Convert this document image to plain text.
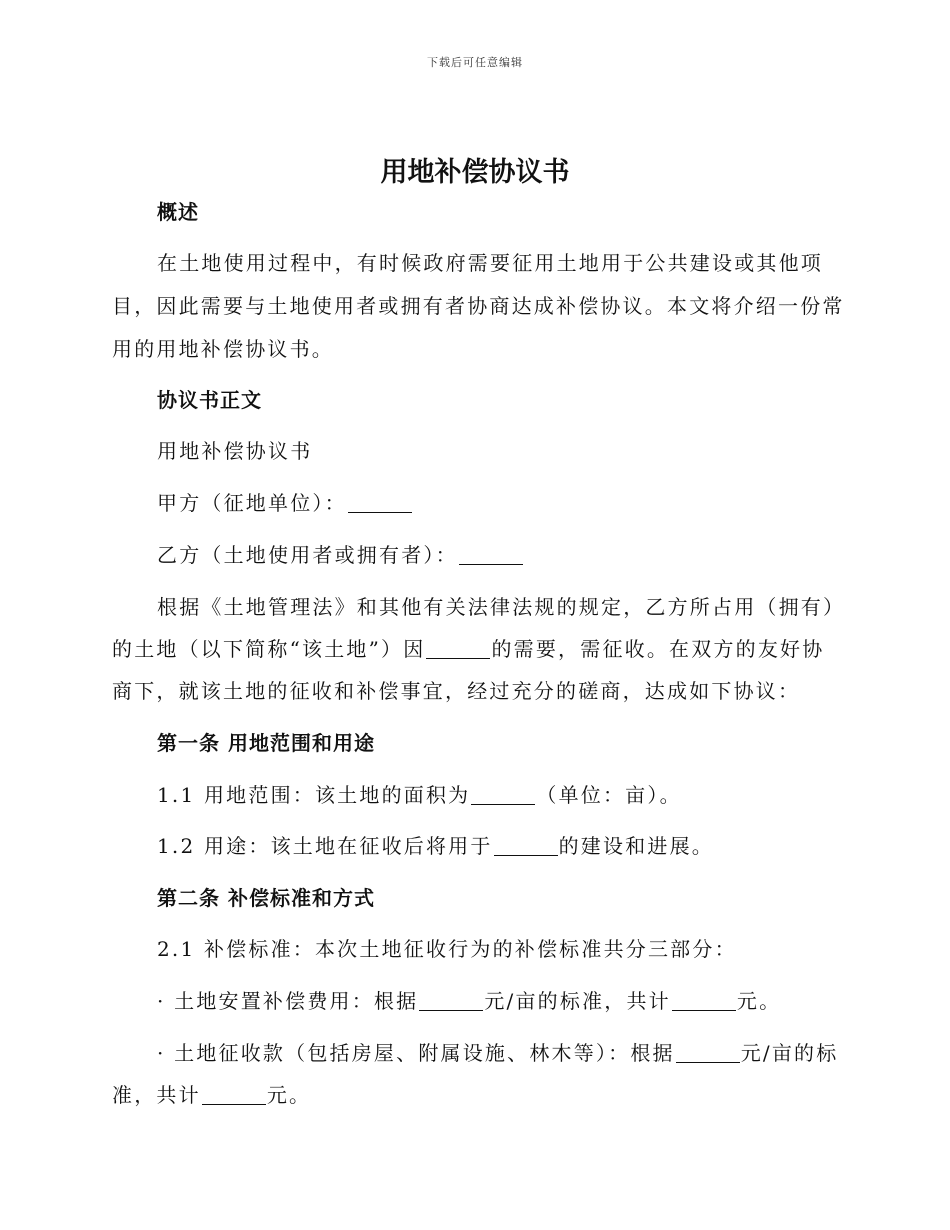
下载后可任意编辑
用地补偿协议书
概述
在土地使用过程中，有时候政府需要征用土地用于公共建设或其他项
目，因此需要与土地使用者或拥有者协商达成补偿协议。本文将介绍一份常
用的用地补偿协议书。
协议书正文
用地补偿协议书
甲方（征地单位）：
乙方（土地使用者或拥有者）：
根据《土地管理法》和其他有关法律法规的规定，乙方所占用（拥有）
的土地（以下简称“该土地”）因	的需要，需征收。在双方的友好协
商下，就该土地的征收和补偿事宜，经过充分的磋商，达成如下协议：
第一条 用地范围和用途
1.1 用地范围：该土地的面积为	（单位：亩）。
1.2 用途：该土地在征收后将用于	的建设和进展。
第二条 补偿标准和方式
2.1 补偿标准：本次土地征收行为的补偿标准共分三部分：
· 土地安置补偿费用：根据	元/亩的标准，共计	元。
· 土地征收款（包括房屋、附属设施、林木等）：根据	元/亩的标
准，共计	元。
